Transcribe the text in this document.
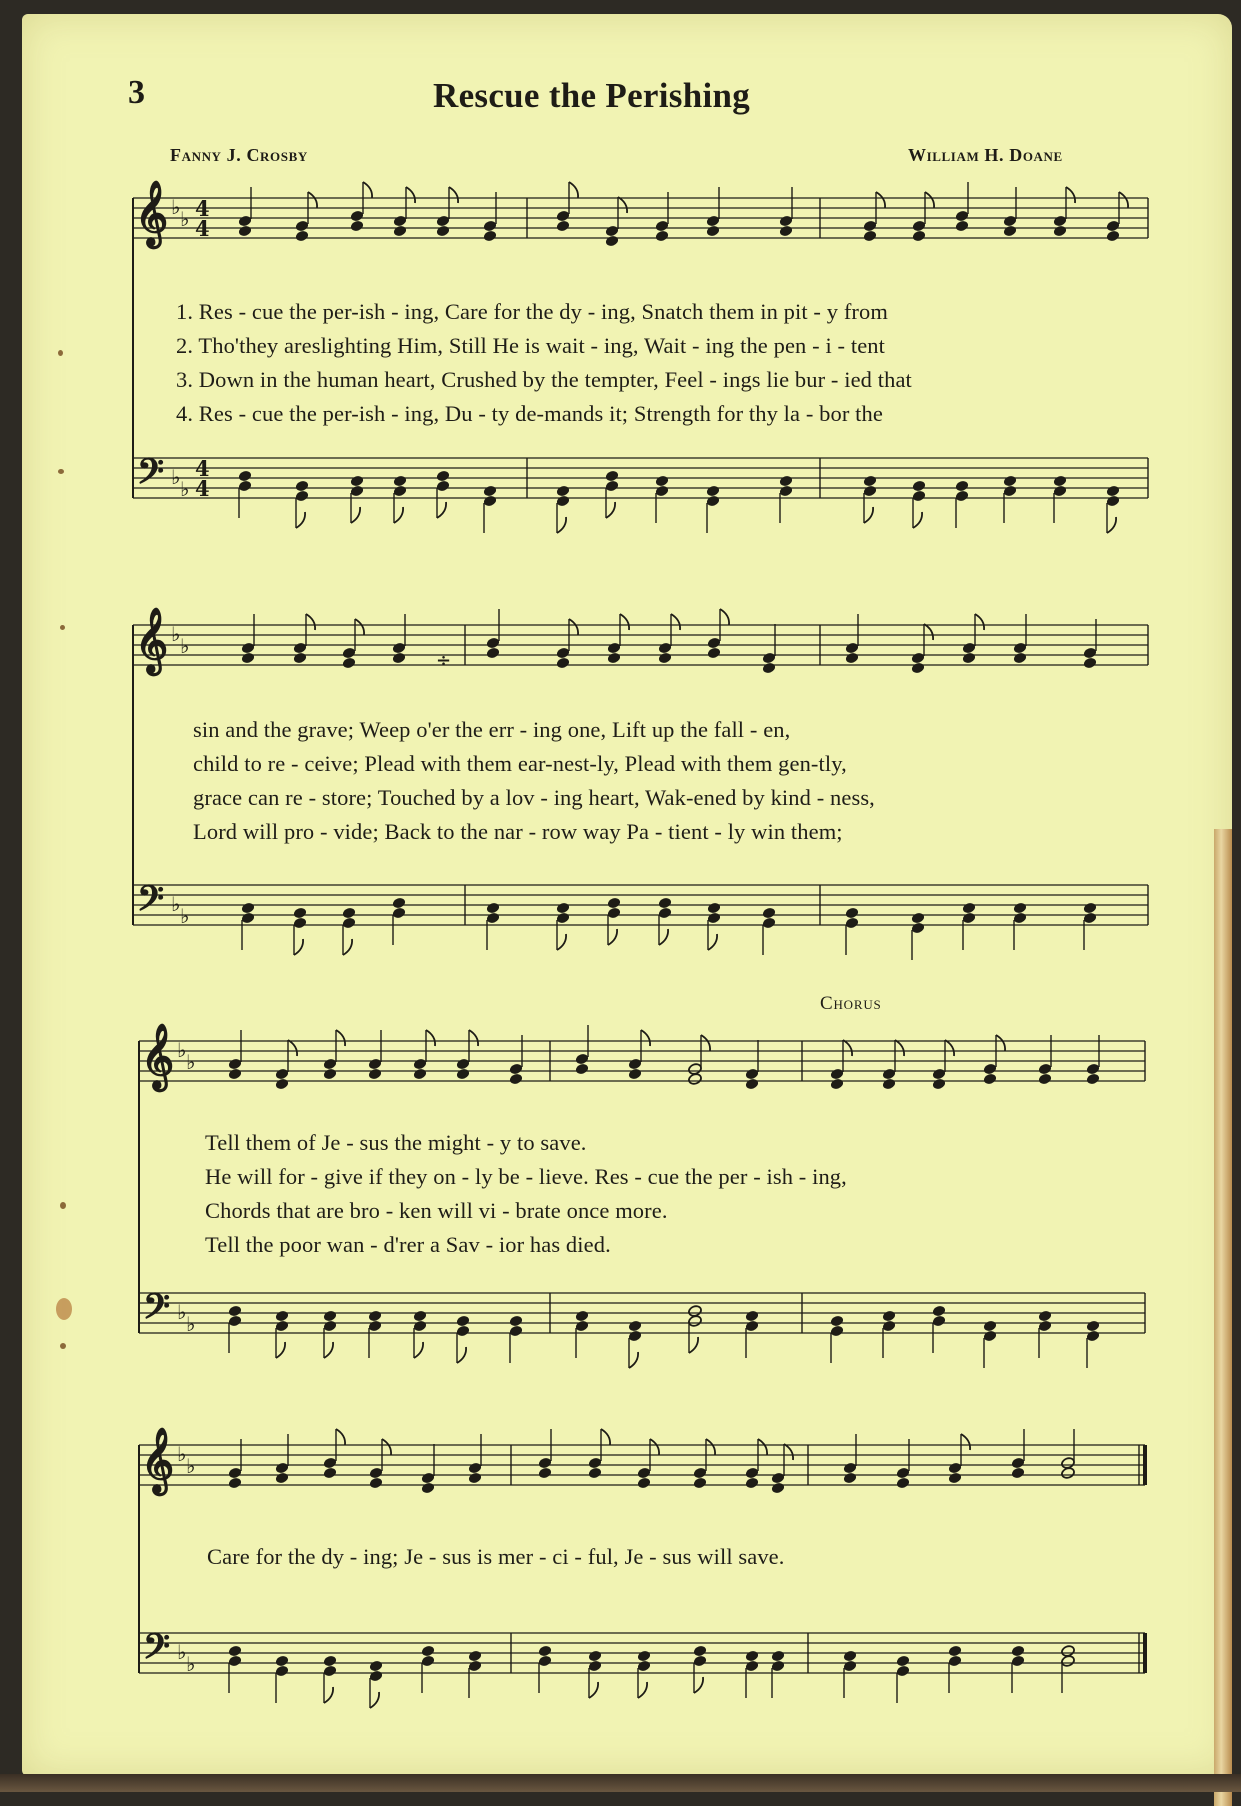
3	Rescue the Perishing
Fanny J. Crosby	William H. Doane
Chorus
1. Res - cue the per-ish - ing, Care for the dy - ing, Snatch them in pit - y from
2. Tho'they areslighting Him, Still He is wait - ing, Wait - ing the pen - i - tent
3. Down in the human heart, Crushed by the tempter, Feel - ings lie bur - ied that
4. Res - cue the per-ish - ing, Du - ty de-mands it; Strength for thy la - bor the
sin and the grave; Weep o'er the err - ing one, Lift up the fall - en,
child to re - ceive; Plead with them ear-nest-ly, Plead with them gen-tly,
grace can re - store; Touched by a lov - ing heart, Wak-ened by kind - ness,
Lord will pro - vide; Back to the nar - row way Pa - tient - ly win them;
Tell them of Je - sus the might - y to save.
He will for - give if they on - ly be - lieve. Res - cue the per - ish - ing,
Chords that are bro - ken will vi - brate once more.
Tell the poor wan - d'rer a Sav - ior has died.
Care for the dy - ing; Je - sus is mer - ci - ful, Je - sus will save.
𝄞
𝄢
♭ ♭
♭ ♭
4
4
4
4
𝄞
𝄢
♭ ♭
♭ ♭
𝄞
𝄢
♭ ♭
♭ ♭
÷
𝄞
𝄢
♭ ♭
♭ ♭
